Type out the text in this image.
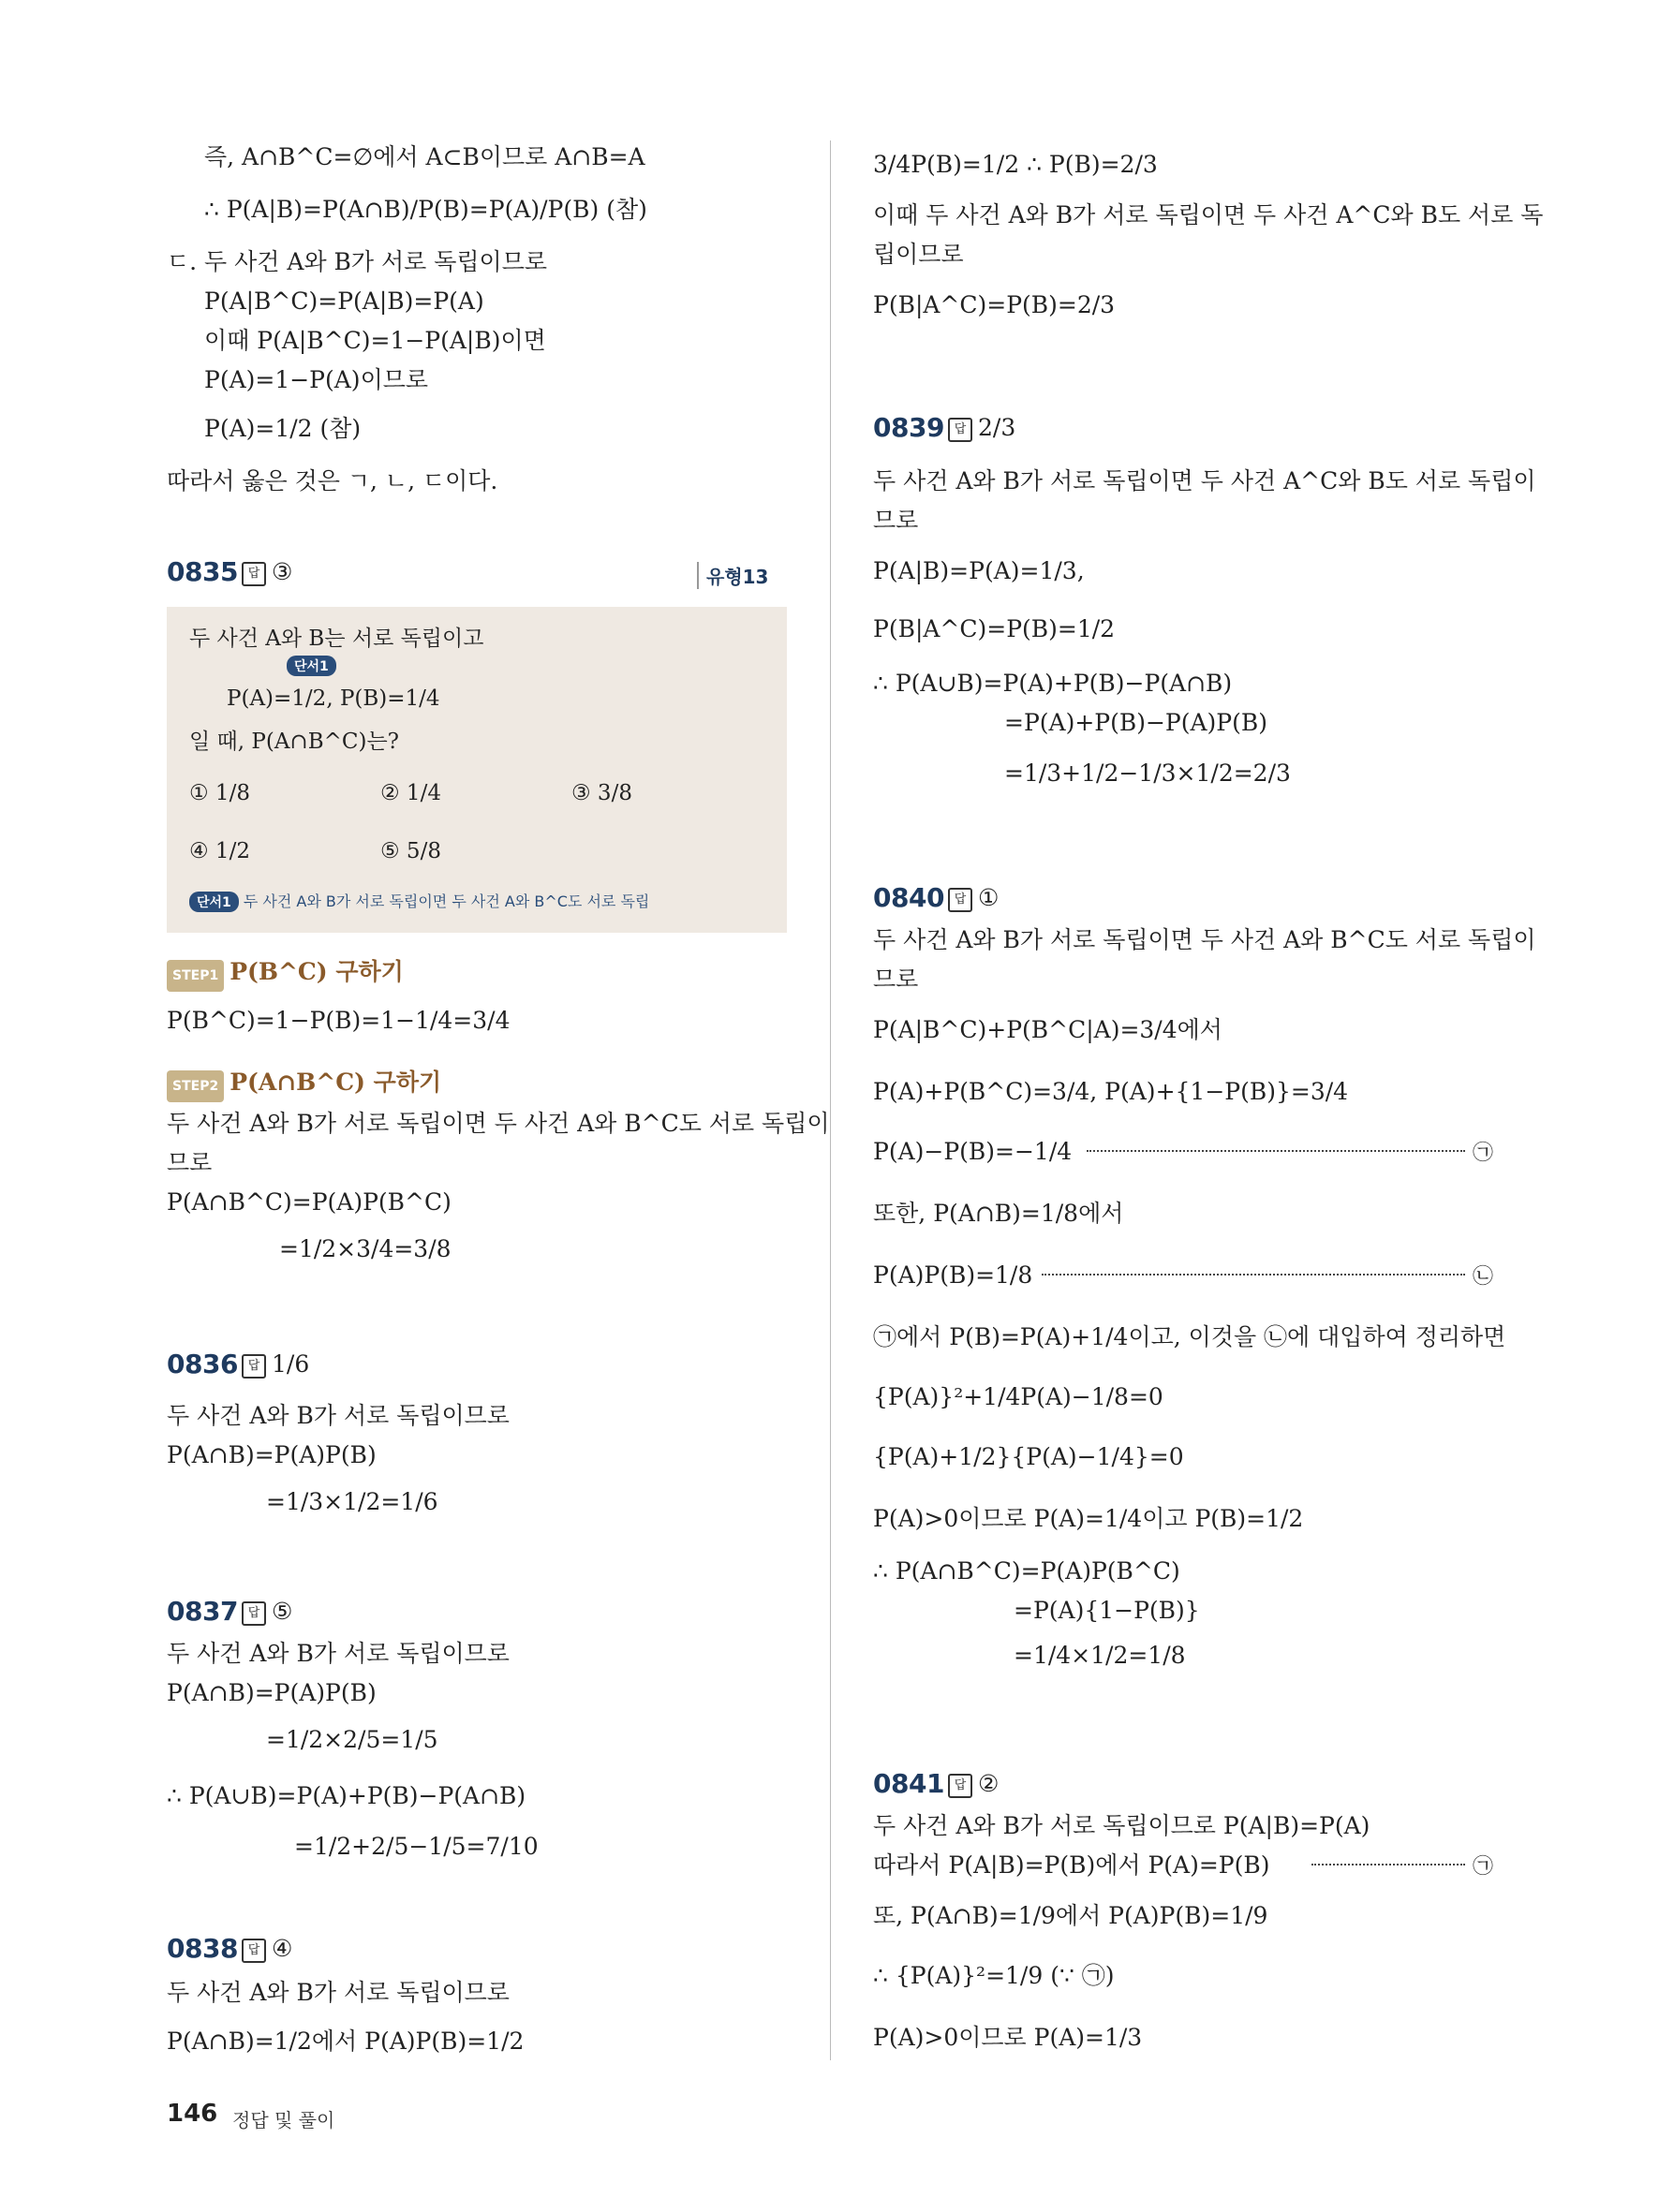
즉, A∩B^C=∅에서 A⊂B이므로 A∩B=A
∴ P(A|B)=P(A∩B)/P(B)=P(A)/P(B) (참)
ㄷ. 두 사건 A와 B가 서로 독립이므로
P(A|B^C)=P(A|B)=P(A)
이때 P(A|B^C)=1−P(A|B)이면
P(A)=1−P(A)이므로
P(A)=1/2 (참)
따라서 옳은 것은 ㄱ, ㄴ, ㄷ이다.
0835 답 ③	유형13
두 사건 A와 B는 서로 독립이고
단서1
P(A)=1/2, P(B)=1/4
일 때, P(A∩B^C)는?
① 1/8	② 1/4	③ 3/8
④ 1/2	⑤ 5/8
단서1 두 사건 A와 B가 서로 독립이면 두 사건 A와 B^C도 서로 독립
STEP1 P(B^C) 구하기
P(B^C)=1−P(B)=1−1/4=3/4
STEP2 P(A∩B^C) 구하기
두 사건 A와 B가 서로 독립이면 두 사건 A와 B^C도 서로 독립이
므로
P(A∩B^C)=P(A)P(B^C)
=1/2×3/4=3/8
0836 답 1/6
두 사건 A와 B가 서로 독립이므로
P(A∩B)=P(A)P(B)
=1/3×1/2=1/6
0837 답 ⑤
두 사건 A와 B가 서로 독립이므로
P(A∩B)=P(A)P(B)
=1/2×2/5=1/5
∴ P(A∪B)=P(A)+P(B)−P(A∩B)
=1/2+2/5−1/5=7/10
0838 답 ④
두 사건 A와 B가 서로 독립이므로
P(A∩B)=1/2에서 P(A)P(B)=1/2
3/4P(B)=1/2 ∴ P(B)=2/3
이때 두 사건 A와 B가 서로 독립이면 두 사건 A^C와 B도 서로 독
립이므로
P(B|A^C)=P(B)=2/3
0839 답 2/3
두 사건 A와 B가 서로 독립이면 두 사건 A^C와 B도 서로 독립이
므로
P(A|B)=P(A)=1/3,
P(B|A^C)=P(B)=1/2
∴ P(A∪B)=P(A)+P(B)−P(A∩B)
=P(A)+P(B)−P(A)P(B)
=1/3+1/2−1/3×1/2=2/3
0840 답 ①
두 사건 A와 B가 서로 독립이면 두 사건 A와 B^C도 서로 독립이
므로
P(A|B^C)+P(B^C|A)=3/4에서
P(A)+P(B^C)=3/4, P(A)+{1−P(B)}=3/4
P(A)−P(B)=−1/4	㉠
또한, P(A∩B)=1/8에서
P(A)P(B)=1/8	㉡
㉠에서 P(B)=P(A)+1/4이고, 이것을 ㉡에 대입하여 정리하면
{P(A)}²+1/4P(A)−1/8=0
{P(A)+1/2}{P(A)−1/4}=0
P(A)>0이므로 P(A)=1/4이고 P(B)=1/2
∴ P(A∩B^C)=P(A)P(B^C)
=P(A){1−P(B)}
=1/4×1/2=1/8
0841 답 ②
두 사건 A와 B가 서로 독립이므로 P(A|B)=P(A)
따라서 P(A|B)=P(B)에서 P(A)=P(B)	㉠
또, P(A∩B)=1/9에서 P(A)P(B)=1/9
∴ {P(A)}²=1/9 (∵ ㉠)
P(A)>0이므로 P(A)=1/3
146 정답 및 풀이
